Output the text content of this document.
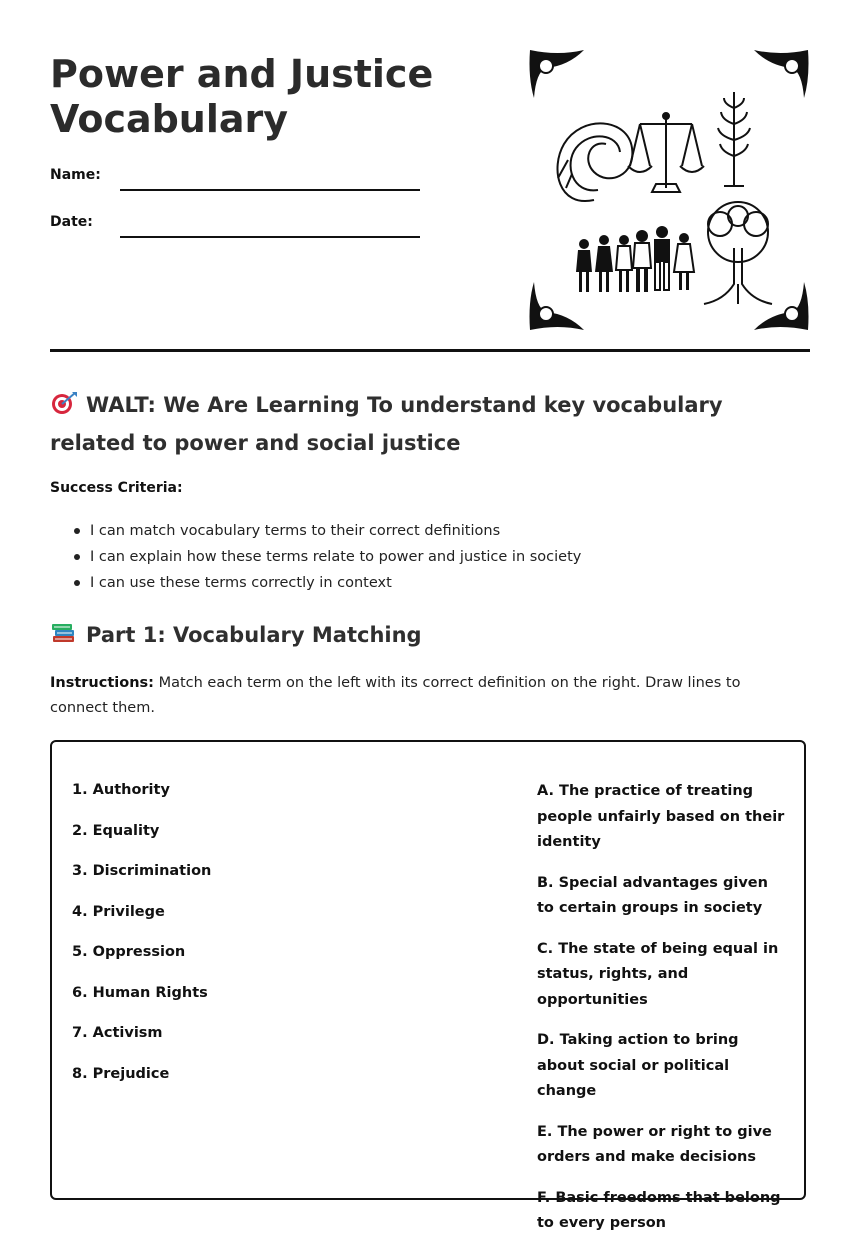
Power and Justice Vocabulary
Name:
Date:
WALT: We Are Learning To understand key vocabulary related to power and social justice
Success Criteria:
I can match vocabulary terms to their correct definitions
I can explain how these terms relate to power and justice in society
I can use these terms correctly in context
Part 1: Vocabulary Matching

Instructions: Match each term on the left with its correct definition on the right. Draw lines to connect them.

1. Authority
2. Equality
3. Discrimination
4. Privilege
5. Oppression
6. Human Rights
7. Activism
8. Prejudice
A. The practice of treating people unfairly based on their identity
B. Special advantages given to certain groups in society
C. The state of being equal in status, rights, and opportunities
D. Taking action to bring about social or political change
E. The power or right to give orders and make decisions
F. Basic freedoms that belong to every person
